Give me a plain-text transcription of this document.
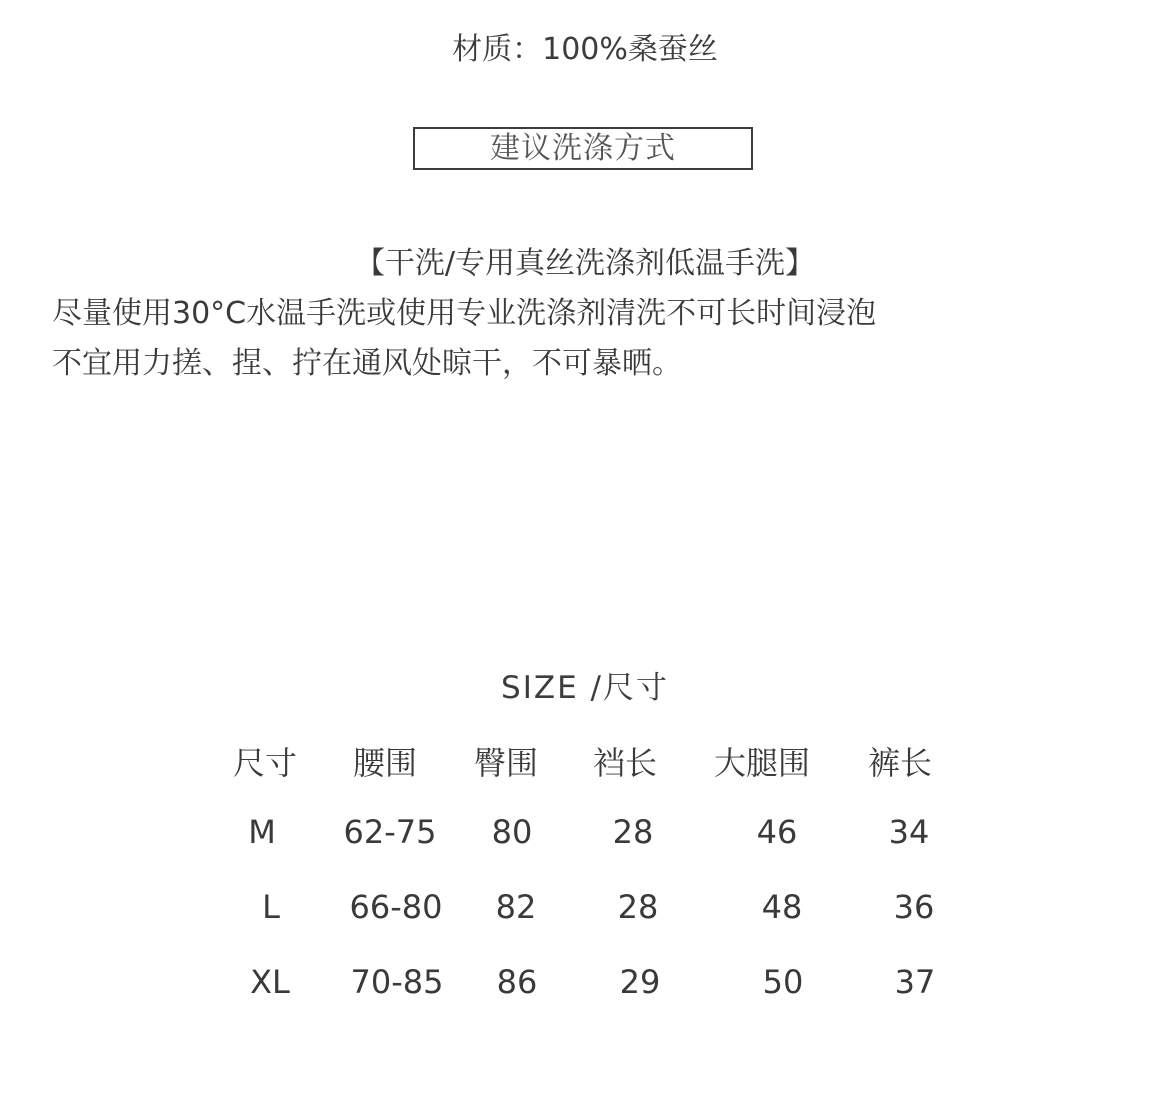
材质：100%桑蚕丝
建议洗涤方式
【干洗/专用真丝洗涤剂低温手洗】
尽量使用30°C水温手洗或使用专业洗涤剂清洗不可长时间浸泡
不宜用力搓、捏、拧在通风处晾干，不可暴晒。
SIZE /尺寸
尺寸	腰围	臀围	裆长	大腿围	裤长
M	62-75	80	28	46	34
L	66-80	82	28	48	36
XL	70-85	86	29	50	37
